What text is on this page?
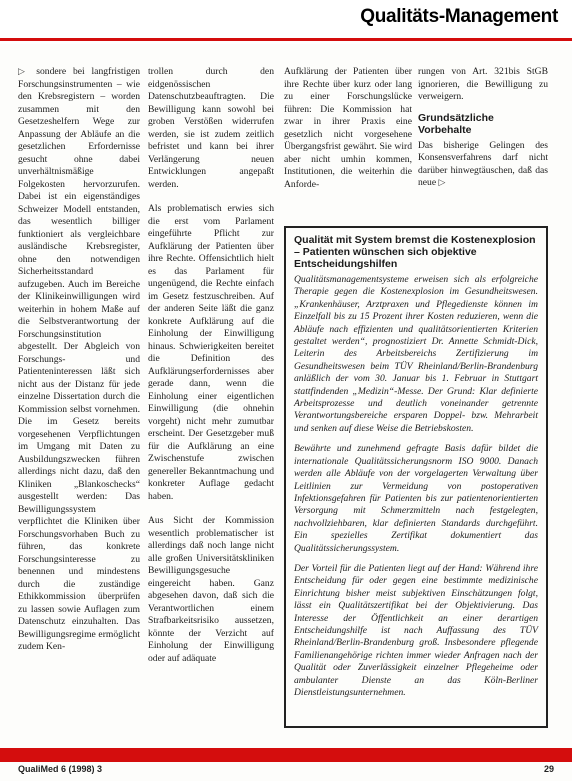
Qualitäts-Management

▷ sondere bei langfristigen Forschungsinstrumenten – wie den Krebsregistern – worden zusammen mit den Gesetzeshelfern Wege zur Anpassung der Abläufe an die gesetzlichen Erfordernisse gesucht ohne dabei unverhältnismäßige Folgekosten hervorzurufen. Dabei ist ein eigenständiges Schweizer Modell entstanden, das wesentlich billiger funktioniert als vergleichbare ausländische Krebsregister, ohne den notwendigen Sicherheitsstandard aufzugeben. Auch im Bereiche der Klinikeinwilligungen wird weiterhin in hohem Maße auf die Selbstverantwortung der Forschungsinstitution abgestellt. Der Abgleich von Forschungs- und Patienteninteressen läßt sich nicht aus der Distanz für jede einzelne Dissertation durch die Kommission selbst vornehmen. Die im Gesetz bereits vorgesehenen Verpflichtungen im Umgang mit Daten zu Ausbildungszwecken führen allerdings nicht dazu, daß den Kliniken „Blankoschecks“ ausgestellt werden: Das Bewilligungssystem verpflichtet die Kliniken über Forschungsvorhaben Buch zu führen, das konkrete Forschungsinteresse zu benennen und mindestens durch die zuständige Ethikkommission überprüfen zu lassen sowie Auflagen zum Datenschutz einzuhalten. Das Bewilligungsregime ermöglicht zudem Ken-

trollen durch den eidgenössischen Datenschutzbeauftragten. Die Bewilligung kann sowohl bei groben Verstößen widerrufen werden, sie ist zudem zeitlich befristet und kann bei ihrer Verlängerung neuen Entwicklungen angepaßt werden.

Als problematisch erwies sich die erst vom Parlament eingeführte Pflicht zur Aufklärung der Patienten über ihre Rechte. Offensichtlich hielt es das Parlament für ungenügend, die Rechte einfach im Gesetz festzuschreiben. Auf der anderen Seite läßt die ganz konkrete Aufklärung auf die Einholung der Einwilligung hinaus. Schwierigkeiten bereitet die Definition des Aufklärungserfordernisses aber gerade dann, wenn die Einholung einer eigentlichen Einwilligung (die ohnehin vorgeht) nicht mehr zumutbar erscheint. Der Gesetzgeber muß für die Aufklärung an eine Zwischenstufe zwischen genereller Bekanntmachung und konkreter Auflage gedacht haben.

Aus Sicht der Kommission wesentlich problematischer ist allerdings daß noch lange nicht alle großen Universitätskliniken Bewilligungsgesuche eingereicht haben. Ganz abgesehen davon, daß sich die Verantwortlichen einem Strafbarkeitsrisiko aussetzen, könnte der Verzicht auf Einholung der Einwilligung oder auf adäquate

Aufklärung der Patienten über ihre Rechte über kurz oder lang zu einer Forschungslücke führen: Die Kommission hat zwar in ihrer Praxis eine gesetzlich nicht vorgesehene Übergangsfrist gewährt. Sie wird aber nicht umhin kommen, Institutionen, die weiterhin die Anforde-

rungen von Art. 321bis StGB ignorieren, die Bewilligung zu verweigern.

Grundsätzliche Vorbehalte

Das bisherige Gelingen des Konsensverfahrens darf nicht darüber hinwegtäuschen, daß das neue ▷

Qualität mit System bremst die Kostenexplosion – Patienten wünschen sich objektive Entscheidungshilfen

Qualitätsmanagementsysteme erweisen sich als erfolgreiche Therapie gegen die Kostenexplosion im Gesundheitswesen. „Krankenhäuser, Arztpraxen und Pflegedienste können im Einzelfall bis zu 15 Prozent ihrer Kosten reduzieren, wenn die Abläufe nach effizienten und qualitätsorientierten Kriterien gestaltet werden“, prognostiziert Dr. Annette Schmidt-Dick, Leiterin des Arbeitsbereichs Zertifizierung im Gesundheitswesen beim TÜV Rheinland/Berlin-Brandenburg anläßlich der vom 30. Januar bis 1. Februar in Stuttgart stattfindenden „Medizin“-Messe. Der Grund: Klar definierte Arbeitsprozesse und deutlich voneinander getrennte Verantwortungsbereiche ersparen Doppel- bzw. Mehrarbeit und senken auf diese Weise die Betriebskosten.

Bewährte und zunehmend gefragte Basis dafür bildet die internationale Qualitätssicherungsnorm ISO 9000. Danach werden alle Abläufe von der vorgelagerten Verwaltung über Leitlinien zur Vermeidung von postoperativen Infektionsgefahren für Patienten bis zur patientenorientierten Versorgung mit Schmerzmitteln nach festgelegten, nachvollziehbaren, klar definierten Standards durchgeführt. Ein spezielles Zertifikat dokumentiert das Qualitätssicherungssystem.

Der Vorteil für die Patienten liegt auf der Hand: Während ihre Entscheidung für oder gegen eine bestimmte medizinische Einrichtung bisher meist subjektiven Einschätzungen folgt, lässt ein Qualitätszertifikat bei der Objektivierung. Das Interesse der Öffentlichkeit an einer derartigen Entscheidungshilfe ist nach Auffassung des TÜV Rheinland/Berlin-Brandenburg groß. Insbesondere pflegende Familienangehörige richten immer wieder Anfragen nach der Qualität oder Zuverlässigkeit einzelner Pflegeheime oder ambulanter Dienste an das Köln-Berliner Dienstleistungsunternehmen.

QualiMed 6 (1998) 3	29
